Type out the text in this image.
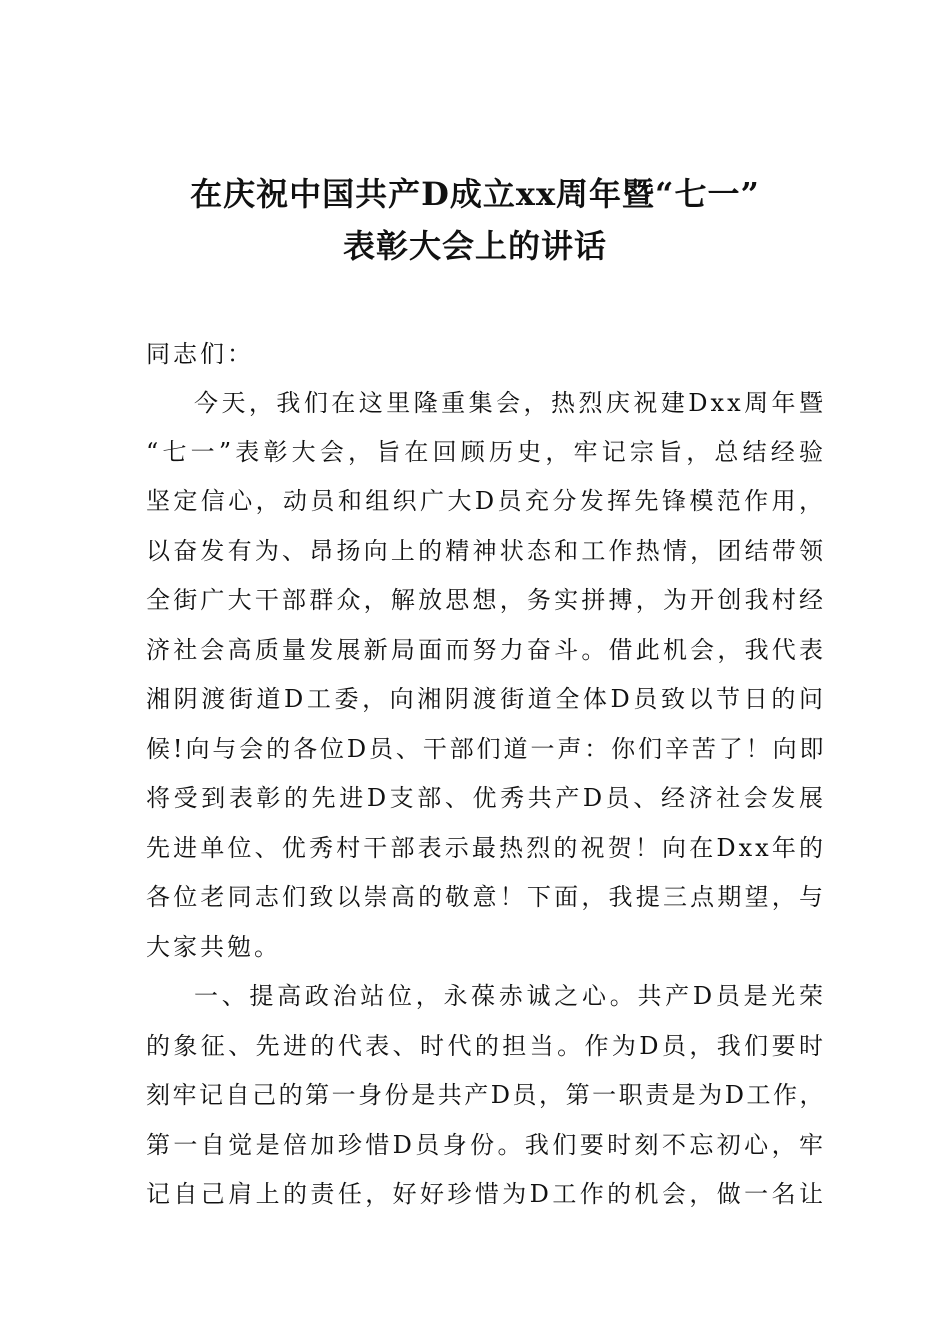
在庆祝中国共产D成立xx周年暨“七一”
表彰大会上的讲话
同志们：
今天，我们在这里隆重集会，热烈庆祝建Dxx周年暨
“七一”表彰大会，旨在回顾历史，牢记宗旨，总结经验
坚定信心，动员和组织广大D员充分发挥先锋模范作用，
以奋发有为、昂扬向上的精神状态和工作热情，团结带领
全街广大干部群众，解放思想，务实拼搏，为开创我村经
济社会高质量发展新局面而努力奋斗。借此机会，我代表
湘阴渡街道D工委，向湘阴渡街道全体D员致以节日的问
候!向与会的各位D员、干部们道一声：你们辛苦了！向即
将受到表彰的先进D支部、优秀共产D员、经济社会发展
先进单位、优秀村干部表示最热烈的祝贺！向在Dxx年的
各位老同志们致以崇高的敬意！下面，我提三点期望，与
大家共勉。
一、提高政治站位，永葆赤诚之心。共产D员是光荣
的象征、先进的代表、时代的担当。作为D员，我们要时
刻牢记自己的第一身份是共产D员，第一职责是为D工作，
第一自觉是倍加珍惜D员身份。我们要时刻不忘初心，牢
记自己肩上的责任，好好珍惜为D工作的机会，做一名让
